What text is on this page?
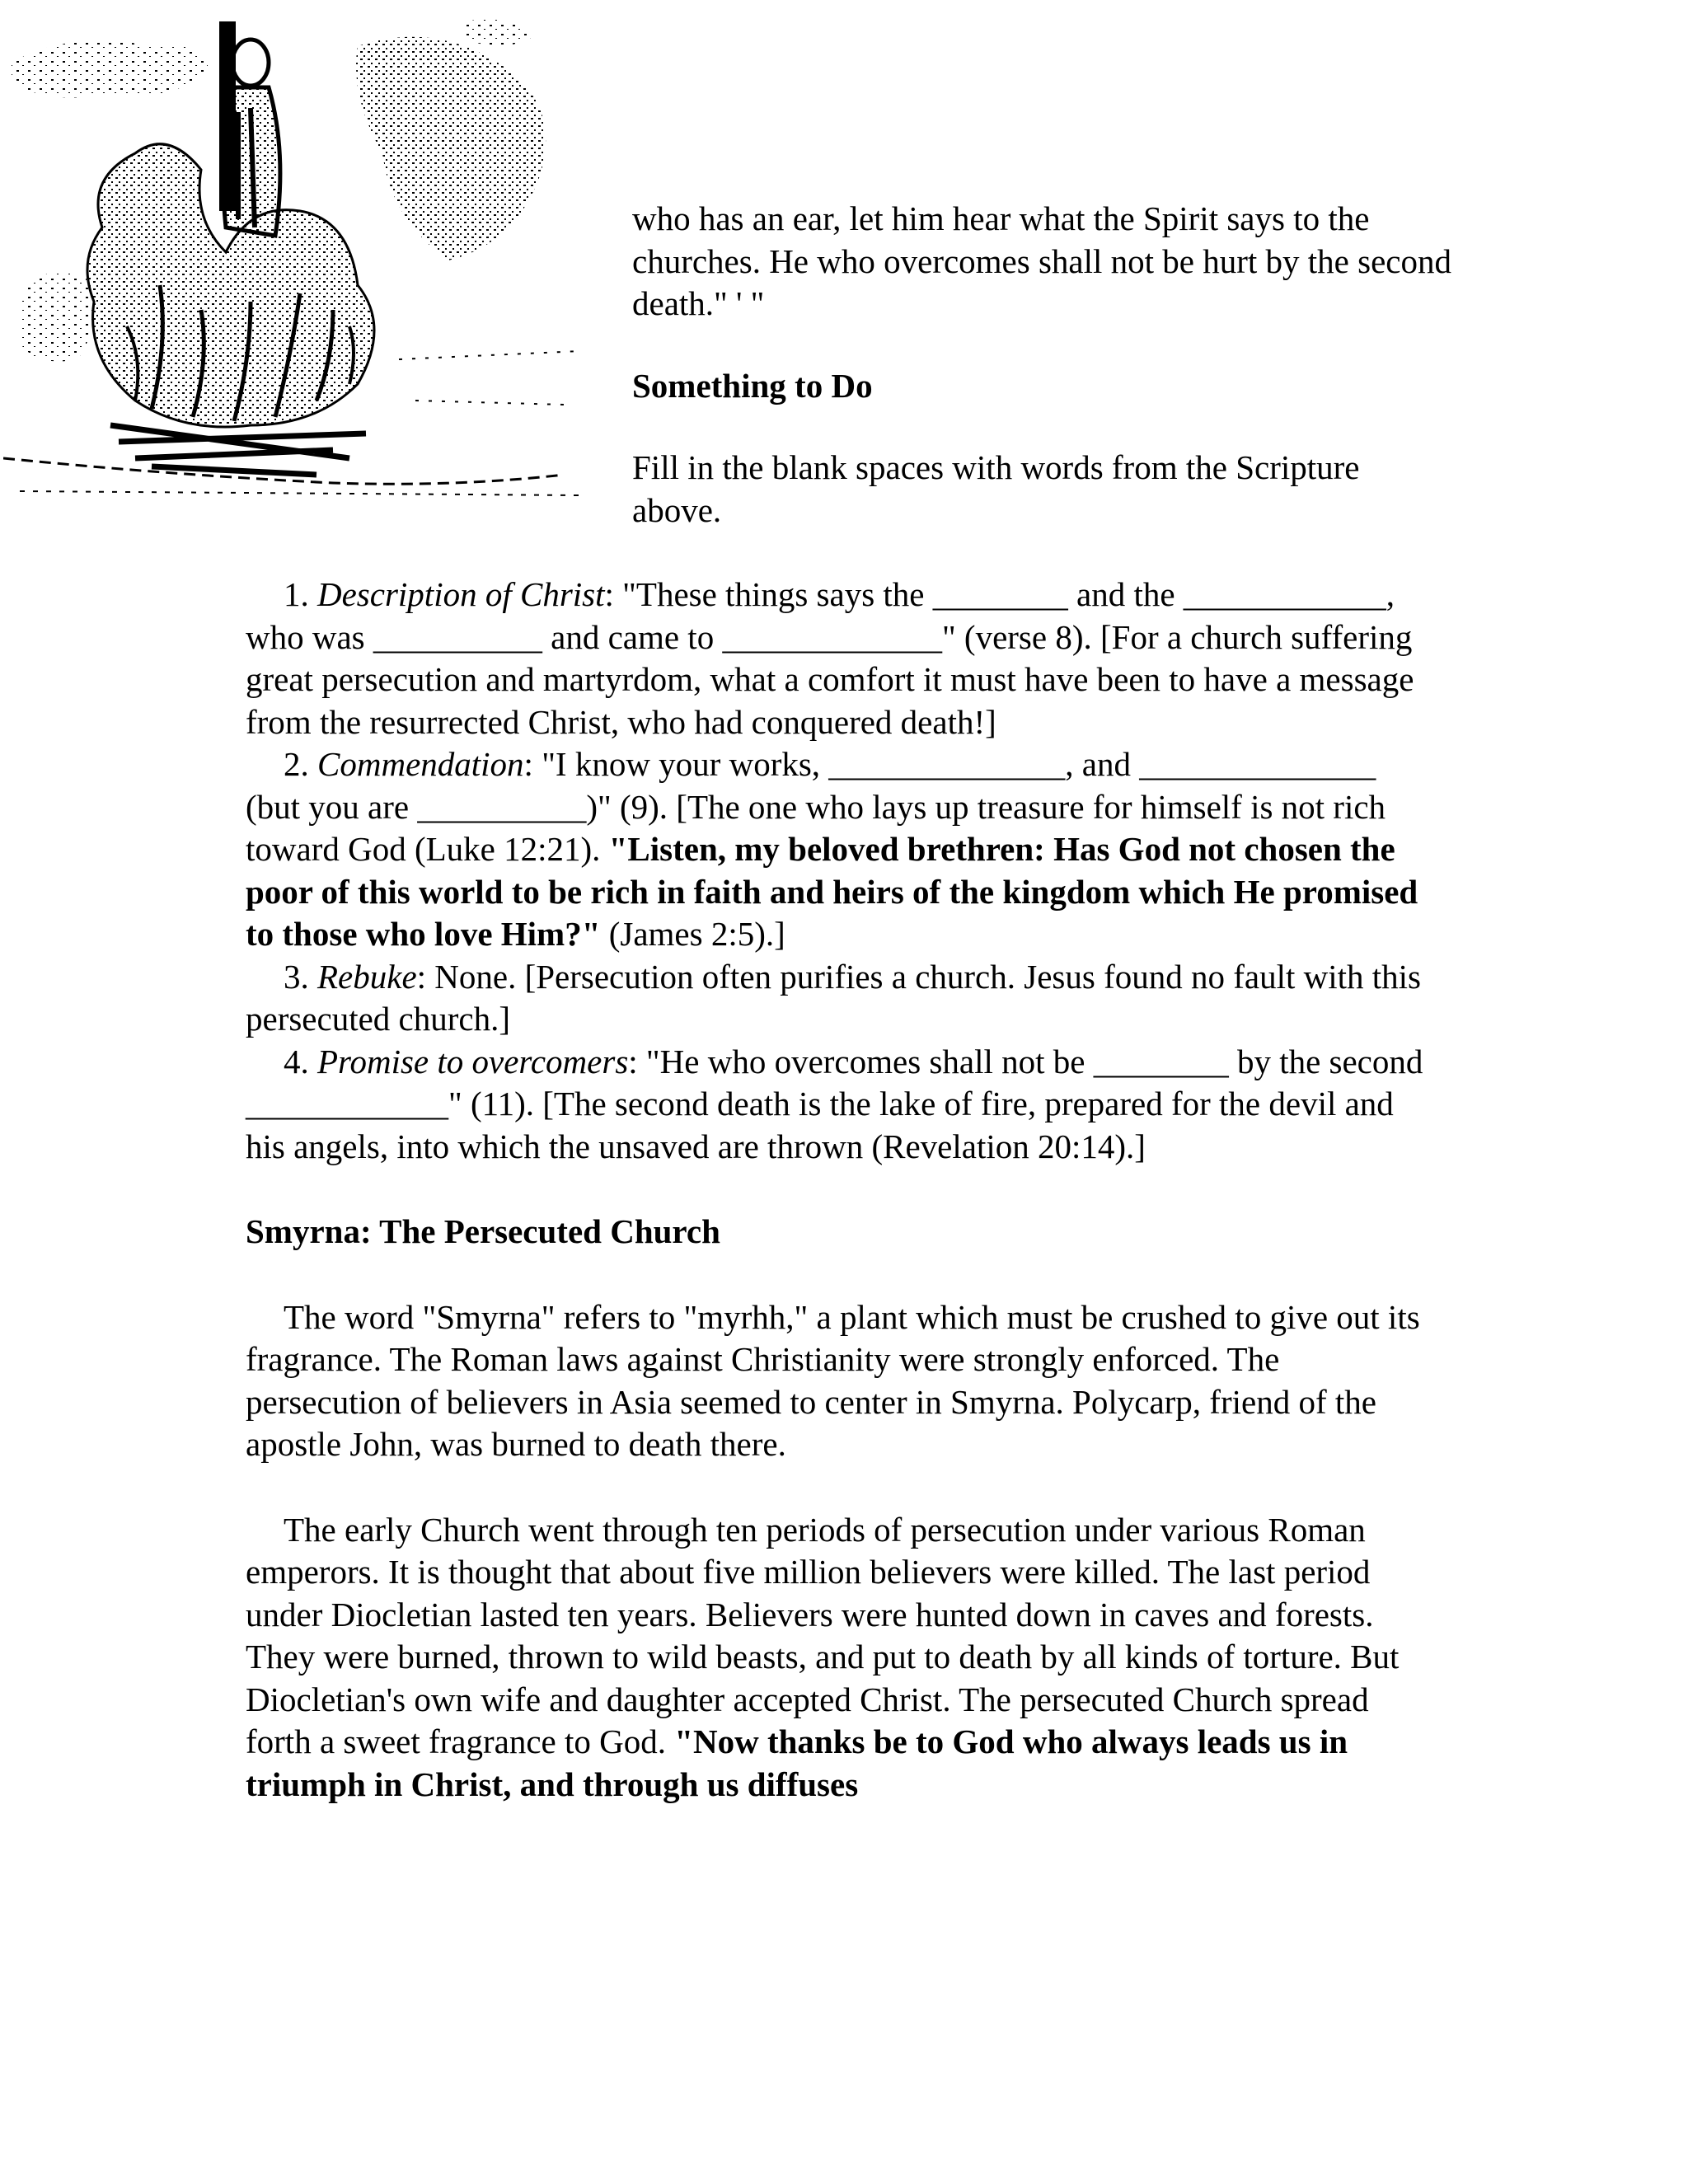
who has an ear, let him hear what the Spirit says to the churches. He who overcomes shall not be hurt by the second death." ' "

Something to Do

Fill in the blank spaces with words from the Scripture above.

1. Description of Christ: "These things says the ________ and the ____________, who was __________ and came to _____________" (verse 8). [For a church suffering great persecution and martyrdom, what a comfort it must have been to have a message from the resurrected Christ, who had conquered death!]

2. Commendation: "I know your works, ______________, and ______________ (but you are __________)" (9). [The one who lays up treasure for himself is not rich toward God (Luke 12:21). "Listen, my beloved brethren: Has God not chosen the poor of this world to be rich in faith and heirs of the kingdom which He promised to those who love Him?" (James 2:5).]

3. Rebuke: None. [Persecution often purifies a church. Jesus found no fault with this persecuted church.]

4. Promise to overcomers: "He who overcomes shall not be ________ by the second ____________" (11). [The second death is the lake of fire, prepared for the devil and his angels, into which the unsaved are thrown (Revelation 20:14).]

Smyrna: The Persecuted Church

The word "Smyrna" refers to "myrhh," a plant which must be crushed to give out its fragrance. The Roman laws against Christianity were strongly enforced. The persecution of believers in Asia seemed to center in Smyrna. Polycarp, friend of the apostle John, was burned to death there.

The early Church went through ten periods of persecution under various Roman emperors. It is thought that about five million believers were killed. The last period under Diocletian lasted ten years. Believers were hunted down in caves and forests. They were burned, thrown to wild beasts, and put to death by all kinds of torture. But Diocletian's own wife and daughter accepted Christ. The persecuted Church spread forth a sweet fragrance to God. "Now thanks be to God who always leads us in triumph in Christ, and through us diffuses
